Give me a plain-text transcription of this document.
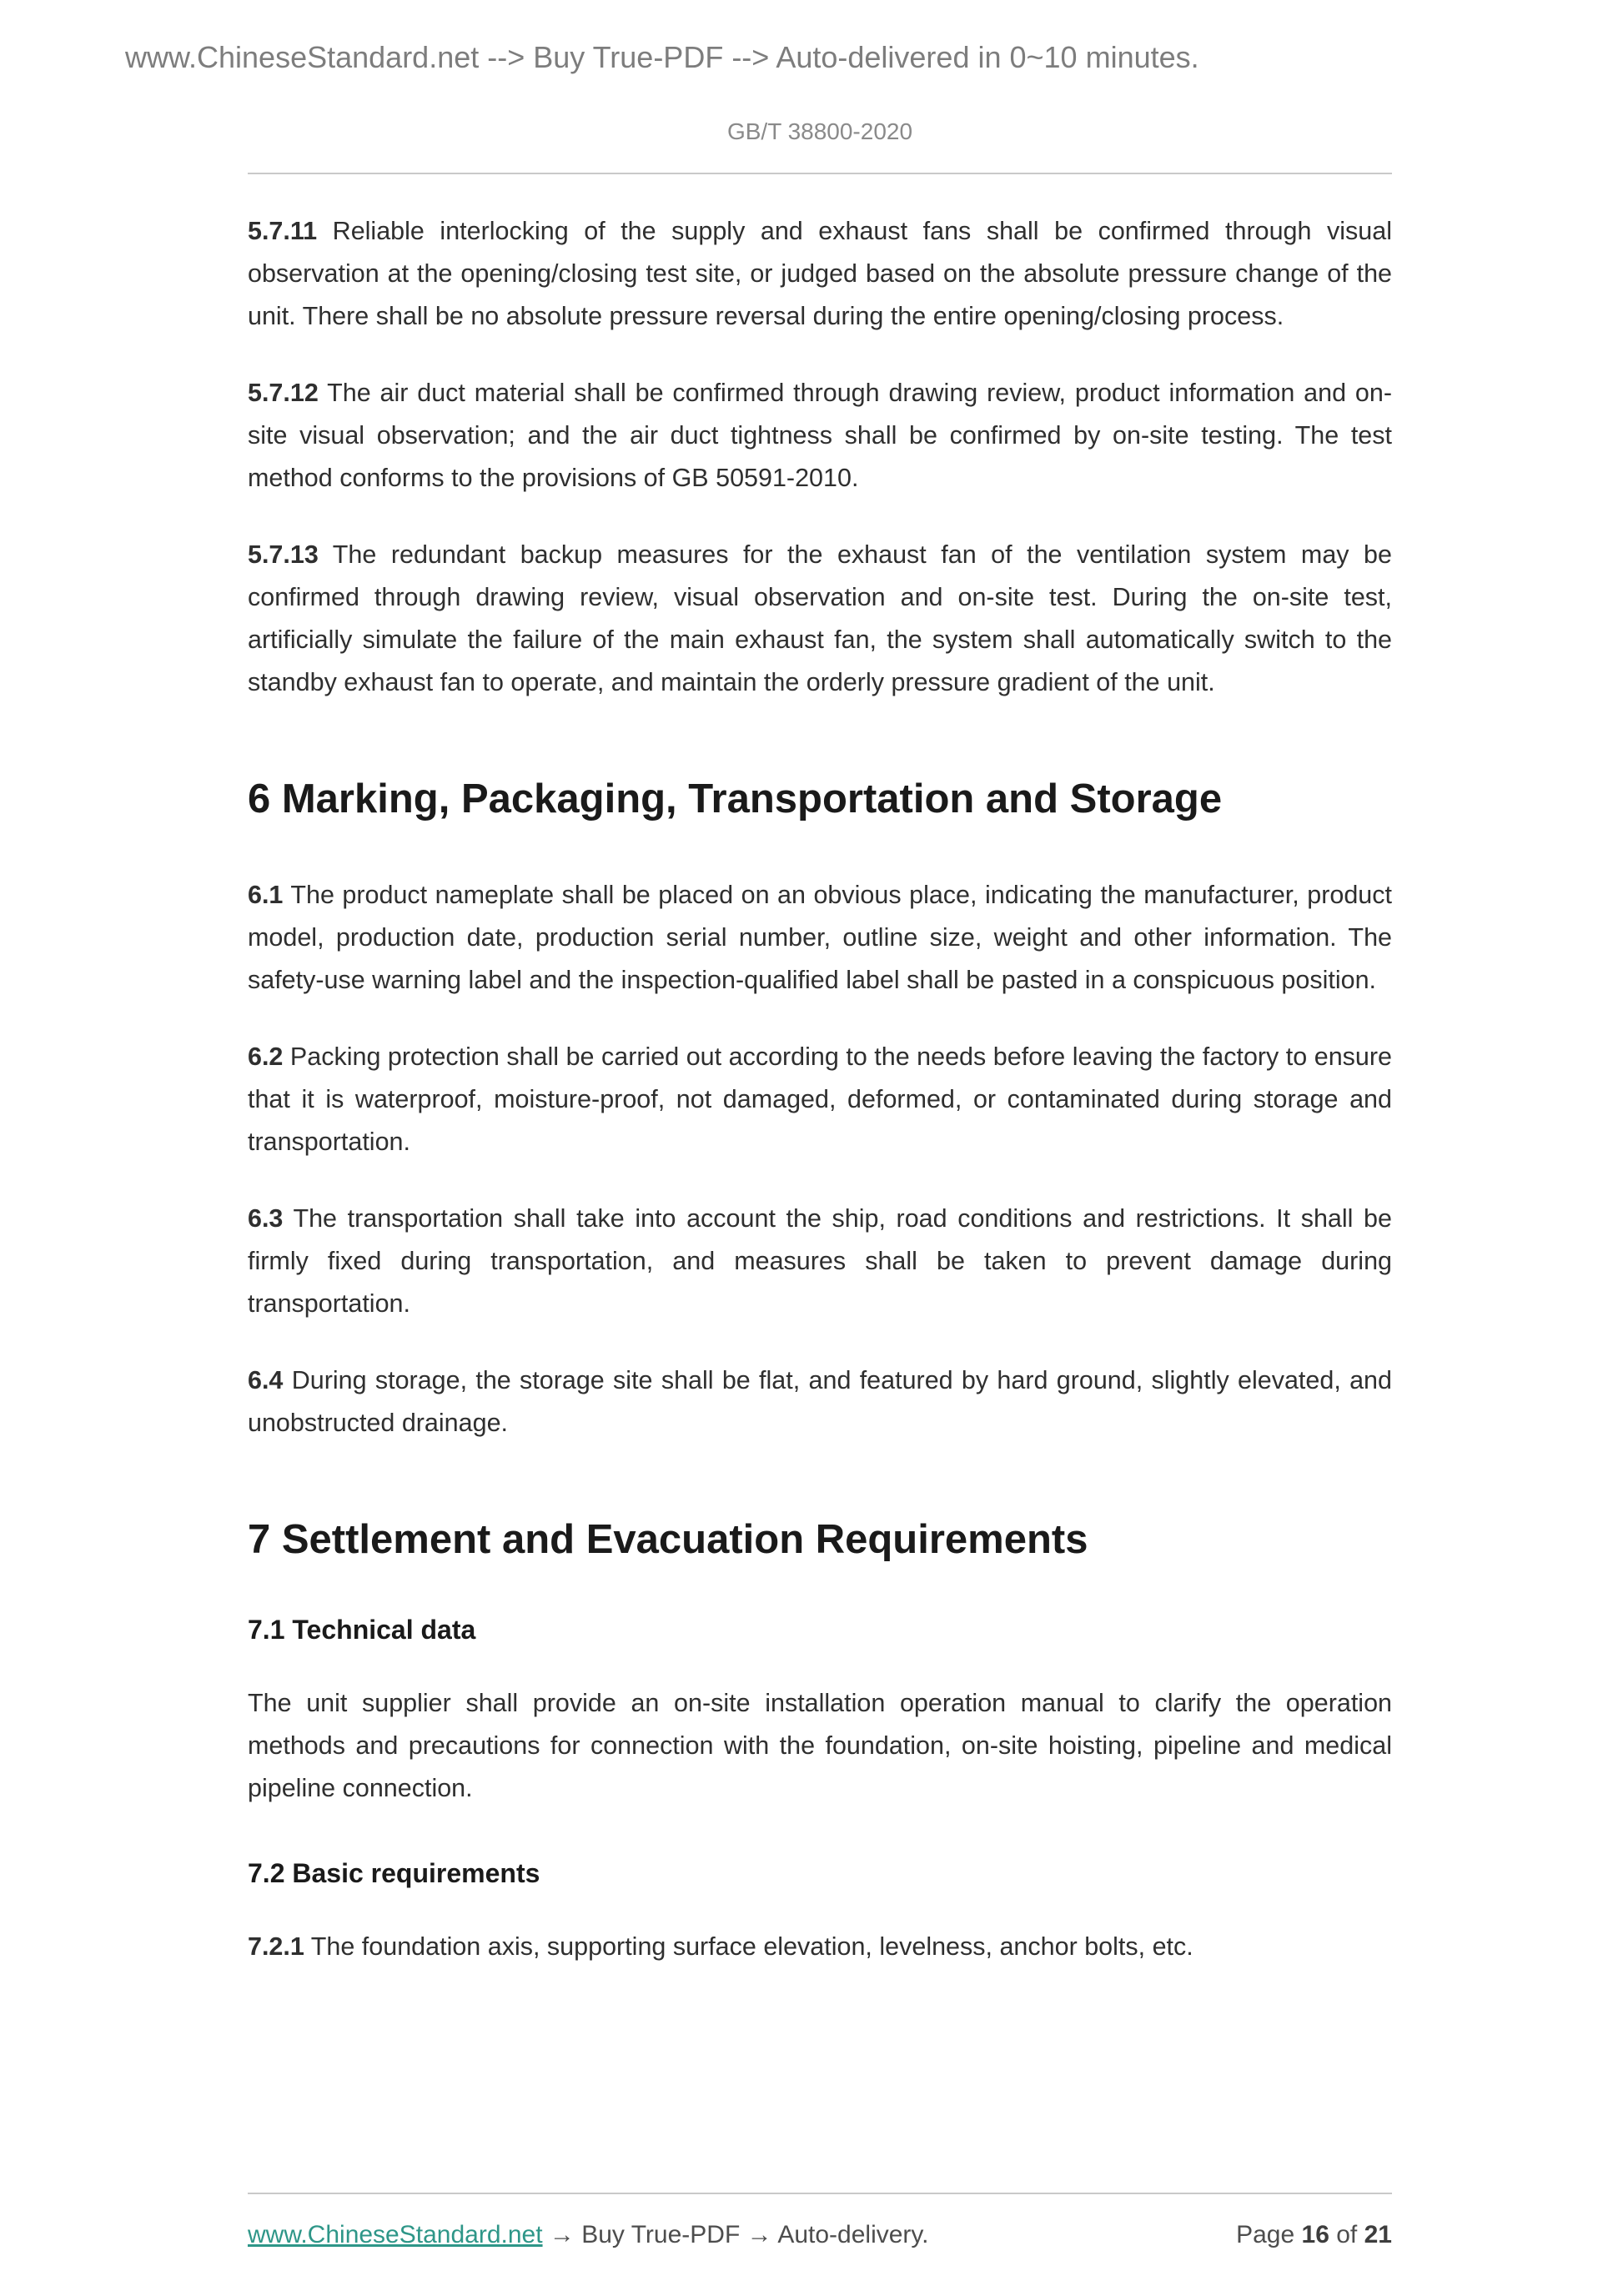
www.ChineseStandard.net --> Buy True-PDF --> Auto-delivered in 0~10 minutes.
GB/T 38800-2020

5.7.11 Reliable interlocking of the supply and exhaust fans shall be confirmed through visual observation at the opening/closing test site, or judged based on the absolute pressure change of the unit. There shall be no absolute pressure reversal during the entire opening/closing process.

5.7.12 The air duct material shall be confirmed through drawing review, product information and on-site visual observation; and the air duct tightness shall be confirmed by on-site testing. The test method conforms to the provisions of GB 50591-2010.

5.7.13 The redundant backup measures for the exhaust fan of the ventilation system may be confirmed through drawing review, visual observation and on-site test. During the on-site test, artificially simulate the failure of the main exhaust fan, the system shall automatically switch to the standby exhaust fan to operate, and maintain the orderly pressure gradient of the unit.

6 Marking, Packaging, Transportation and Storage

6.1 The product nameplate shall be placed on an obvious place, indicating the manufacturer, product model, production date, production serial number, outline size, weight and other information. The safety-use warning label and the inspection-qualified label shall be pasted in a conspicuous position.

6.2 Packing protection shall be carried out according to the needs before leaving the factory to ensure that it is waterproof, moisture-proof, not damaged, deformed, or contaminated during storage and transportation.

6.3 The transportation shall take into account the ship, road conditions and restrictions. It shall be firmly fixed during transportation, and measures shall be taken to prevent damage during transportation.

6.4 During storage, the storage site shall be flat, and featured by hard ground, slightly elevated, and unobstructed drainage.

7 Settlement and Evacuation Requirements
7.1 Technical data

The unit supplier shall provide an on-site installation operation manual to clarify the operation methods and precautions for connection with the foundation, on-site hoisting, pipeline and medical pipeline connection.

7.2 Basic requirements

7.2.1 The foundation axis, supporting surface elevation, levelness, anchor bolts, etc.

www.ChineseStandard.net → Buy True-PDF → Auto-delivery.	Page 16 of 21
